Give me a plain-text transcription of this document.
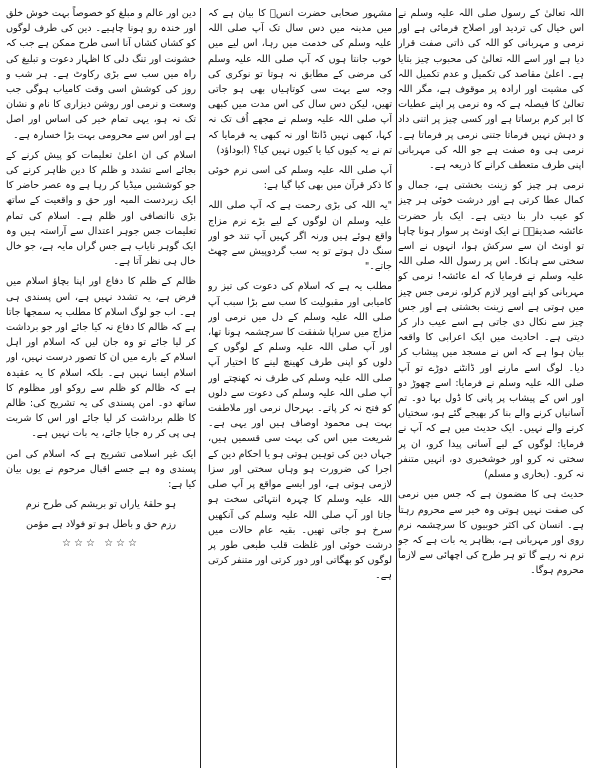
اللہ تعالیٰ کے رسول صلی اللہ علیہ وسلم نے اس خیال کی تردید اور اصلاح فرمائی ہے اور نرمی و مہربانی کو اللہ کی ذاتی صفت قرار دیا ہے اور اسے اللہ تعالیٰ کی محبوب چیز بتایا ہے۔ اعلیٰ مقاصد کی تکمیل و عدم تکمیل اللہ کی مشیت اور ارادہ پر موقوف ہے، مگر اللہ تعالیٰ کا فیصلہ ہے کہ وہ نرمی پر اپنے عطیات کا ابر کرم برساتا ہے اور کسی چیز پر اتنی داد و دہش نہیں فرماتا جتنی نرمی پر فرماتا ہے۔ نرمی ہی وہ صفت ہے جو اللہ کی مہربانی اپنی طرف متعطف کرانے کا ذریعہ ہے۔

نرمی ہر چیز کو زینت بخشتی ہے، جمال و کمال عطا کرتی ہے اور درشت خوئی ہر چیز کو عیب دار بنا دیتی ہے۔ ایک بار حضرت عائشہ صدیقہؓ نے ایک اونٹ پر سوار ہونا چاہا تو اونٹ ان سے سرکش ہوا، انہوں نے اسے سختی سے ہانکا۔ اس پر رسول اللہ صلی اللہ علیہ وسلم نے فرمایا کہ اے عائشہ! نرمی کو مہربانی کو اپنے اوپر لازم کرلو، نرمی جس چیز میں ہوتی ہے اسے زینت بخشتی ہے اور جس چیز سے نکال دی جاتی ہے اسے عیب دار کر دیتی ہے۔ احادیث میں ایک اعرابی کا واقعہ بیان ہوا ہے کہ اس نے مسجد میں پیشاب کر دیا۔ لوگ اسے مارنے اور ڈانٹنے دوڑے تو آپ صلی اللہ علیہ وسلم نے فرمایا: اسے چھوڑ دو اور اس کے پیشاب پر پانی کا ڈول بہا دو۔ تم آسانیاں کرنے والے بنا کر بھیجے گئے ہو، سختیاں کرنے والے نہیں۔ ایک حدیث میں ہے کہ آپ نے فرمایا: لوگوں کے لیے آسانی پیدا کرو، ان پر سختی نہ کرو اور خوشخبری دو، انہیں متنفر نہ کرو۔ (بخاری و مسلم)

حدیث ہی کا مضمون ہے کہ جس میں نرمی کی صفت نہیں ہوتی وہ خیر سے محروم رہتا ہے۔ انسان کی اکثر خوبیوں کا سرچشمہ نرم روی اور مہربانی ہے، بظاہر یہ بات ہے کہ جو نرم نہ رہے گا تو ہر طرح کی اچھائی سے لازماً محروم ہوگا۔

مشہور صحابی حضرت انسؓ کا بیان ہے کہ میں مدینہ میں دس سال تک آپ صلی اللہ علیہ وسلم کی خدمت میں رہا، اس لیے میں خوب جانتا ہوں کہ آپ صلی اللہ علیہ وسلم کی مرضی کے مطابق نہ ہوتا تو نوکری کی وجہ سے بہت سی کوتاہیاں بھی ہو جاتی تھیں، لیکن دس سال کی اس مدت میں کبھی آپ صلی اللہ علیہ وسلم نے مجھے اُف تک نہ کہا، کبھی نہیں ڈانٹا اور نہ کبھی یہ فرمایا کہ تم نے یہ کیوں کیا یا کیوں نہیں کیا؟ (ابوداؤد)

آپ صلی اللہ علیہ وسلم کی اسی نرم خوئی کا ذکر قرآن میں بھی کیا گیا ہے:

"یہ اللہ کی بڑی رحمت ہے کہ آپ صلی اللہ علیہ وسلم ان لوگوں کے لیے بڑے نرم مزاج واقع ہوئے ہیں ورنہ اگر کہیں آپ تند خو اور سنگ دل ہوتے تو یہ سب گردوپیش سے چھٹ جاتے۔"

مطلب یہ ہے کہ اسلام کی دعوت کی تیز رو کامیابی اور مقبولیت کا سب سے بڑا سبب آپ صلی اللہ علیہ وسلم کے دل میں نرمی اور مزاج میں سراپا شفقت کا سرچشمہ ہونا تھا، اور آپ صلی اللہ علیہ وسلم کے لوگوں کے دلوں کو اپنی طرف کھینچ لینے کا اختیار آپ صلی اللہ علیہ وسلم کی طرف نہ کھنچتے اور آپ صلی اللہ علیہ وسلم کی دعوت سے دلوں کو فتح نہ کر پاتے۔ بہرحال نرمی اور ملاطفت بہت ہی محمود اوصاف ہیں اور یہی ہے۔ شریعت میں اس کی بہت سی قسمیں ہیں، جہاں دین کی توہین ہوتی ہو یا احکام دین کے اجرا کی ضرورت ہو وہاں سختی اور سزا لازمی ہوتی ہے، اور ایسے مواقع پر آپ صلی اللہ علیہ وسلم کا چہرہ انتہائی سخت ہو جاتا اور آپ صلی اللہ علیہ وسلم کی آنکھیں سرخ ہو جاتی تھیں۔ بقیہ عام حالات میں درشت خوئی اور غلظت قلب طبعی طور پر لوگوں کو بھگاتی اور دور کرتی اور متنفر کرتی ہے۔

دین اور عالم و مبلغ کو خصوصاً بہت خوش خلق اور خندہ رو ہونا چاہیے۔ دین کی طرف لوگوں کو کشاں کشاں آنا اسی طرح ممکن ہے جب کہ خشونت اور تنگ دلی کا اظہار دعوت و تبلیغ کی راہ میں سب سے بڑی رکاوٹ ہے۔ ہر شب و روز کی کوشش اسی وقت کامیاب ہوگی جب وسعت و نرمی اور روشن دیزاری کا نام و نشان تک نہ ہو، یہی تمام خیر کی اساس اور اصل ہے اور اس سے محرومی بہت بڑا خسارہ ہے۔

اسلام کی ان اعلیٰ تعلیمات کو پیش کرنے کے بجائے اسے تشدد و ظلم کا دین ظاہر کرنے کی جو کوششیں میڈیا کر رہا ہے وہ عصر حاضر کا ایک زبردست المیہ اور حق و واقعیت کے ساتھ بڑی ناانصافی اور ظلم ہے۔ اسلام کی تمام تعلیمات جس جوہر اعتدال سے آراستہ ہیں وہ ایک گوہر نایاب ہے جس گراں مایہ ہے، جو خال خال ہی نظر آتا ہے۔

ظالم کے ظلم کا دفاع اور اپنا بچاؤ اسلام میں فرض ہے، یہ تشدد نہیں ہے، اس پسندی ہی ہے۔ اب جو لوگ اسلام کا مطلب یہ سمجھا جاتا ہے کہ ظالم کا دفاع نہ کیا جائے اور جو برداشت کر لیا جائے تو وہ جان لیں کہ اسلام اور اہل اسلام کے بارے میں ان کا تصور درست نہیں، اور اسلام ایسا نہیں ہے۔ بلکہ اسلام کا یہ عقیدہ ہے کہ ظالم کو ظلم سے روکو اور مظلوم کا ساتھ دو۔ امن پسندی کی یہ تشریح کی: ظالم کا ظلم برداشت کر لیا جائے اور اس کا شربت ہی پی کر رہ جایا جائے، یہ بات نہیں ہے۔

ایک غیر اسلامی تشریح ہے کہ اسلام کی امن پسندی وہ ہے جسے اقبال مرحوم نے یوں بیان کیا ہے:

ہو حلقۂ یاراں تو بریشم کی طرح نرم
رزم حق و باطل ہو تو فولاد ہے مؤمن
☆☆☆ ☆☆☆
